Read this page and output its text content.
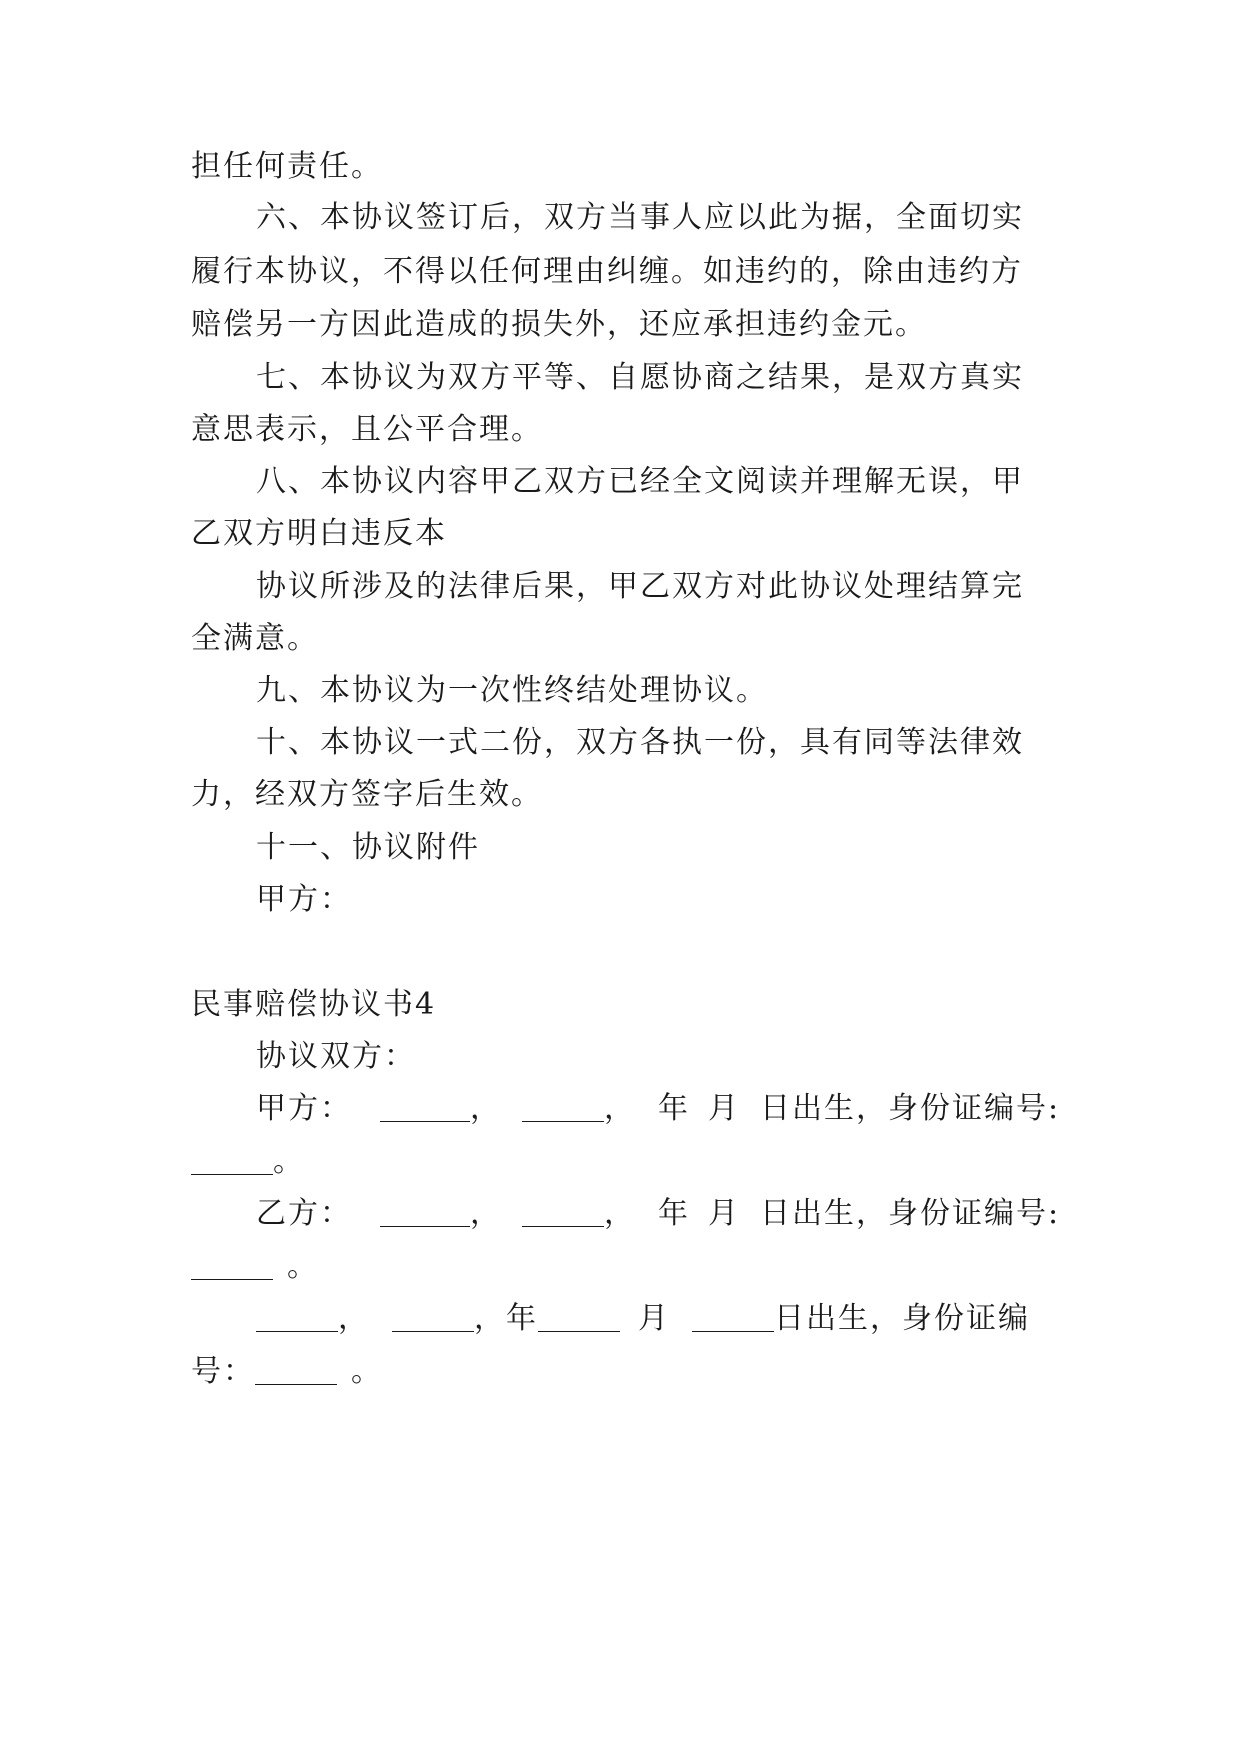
担任何责任。
六、本协议签订后，双方当事人应以此为据，全面切实
履行本协议，不得以任何理由纠缠。如违约的，除由违约方
赔偿另一方因此造成的损失外，还应承担违约金元。
七、本协议为双方平等、自愿协商之结果，是双方真实
意思表示，且公平合理。
八、本协议内容甲乙双方已经全文阅读并理解无误，甲
乙双方明白违反本
协议所涉及的法律后果，甲乙双方对此协议处理结算完
全满意。
九、本协议为一次性终结处理协议。
十、本协议一式二份，双方各执一份，具有同等法律效
力，经双方签字后生效。
十一、协议附件
甲方：
民事赔偿协议书4
协议双方：
甲方：	，	， 年 月 日出生，身份证编号:
。
乙方：	，	， 年 月 日出生，身份证编号:
。
，	，年	月	日出生，身份证编
号：	。
